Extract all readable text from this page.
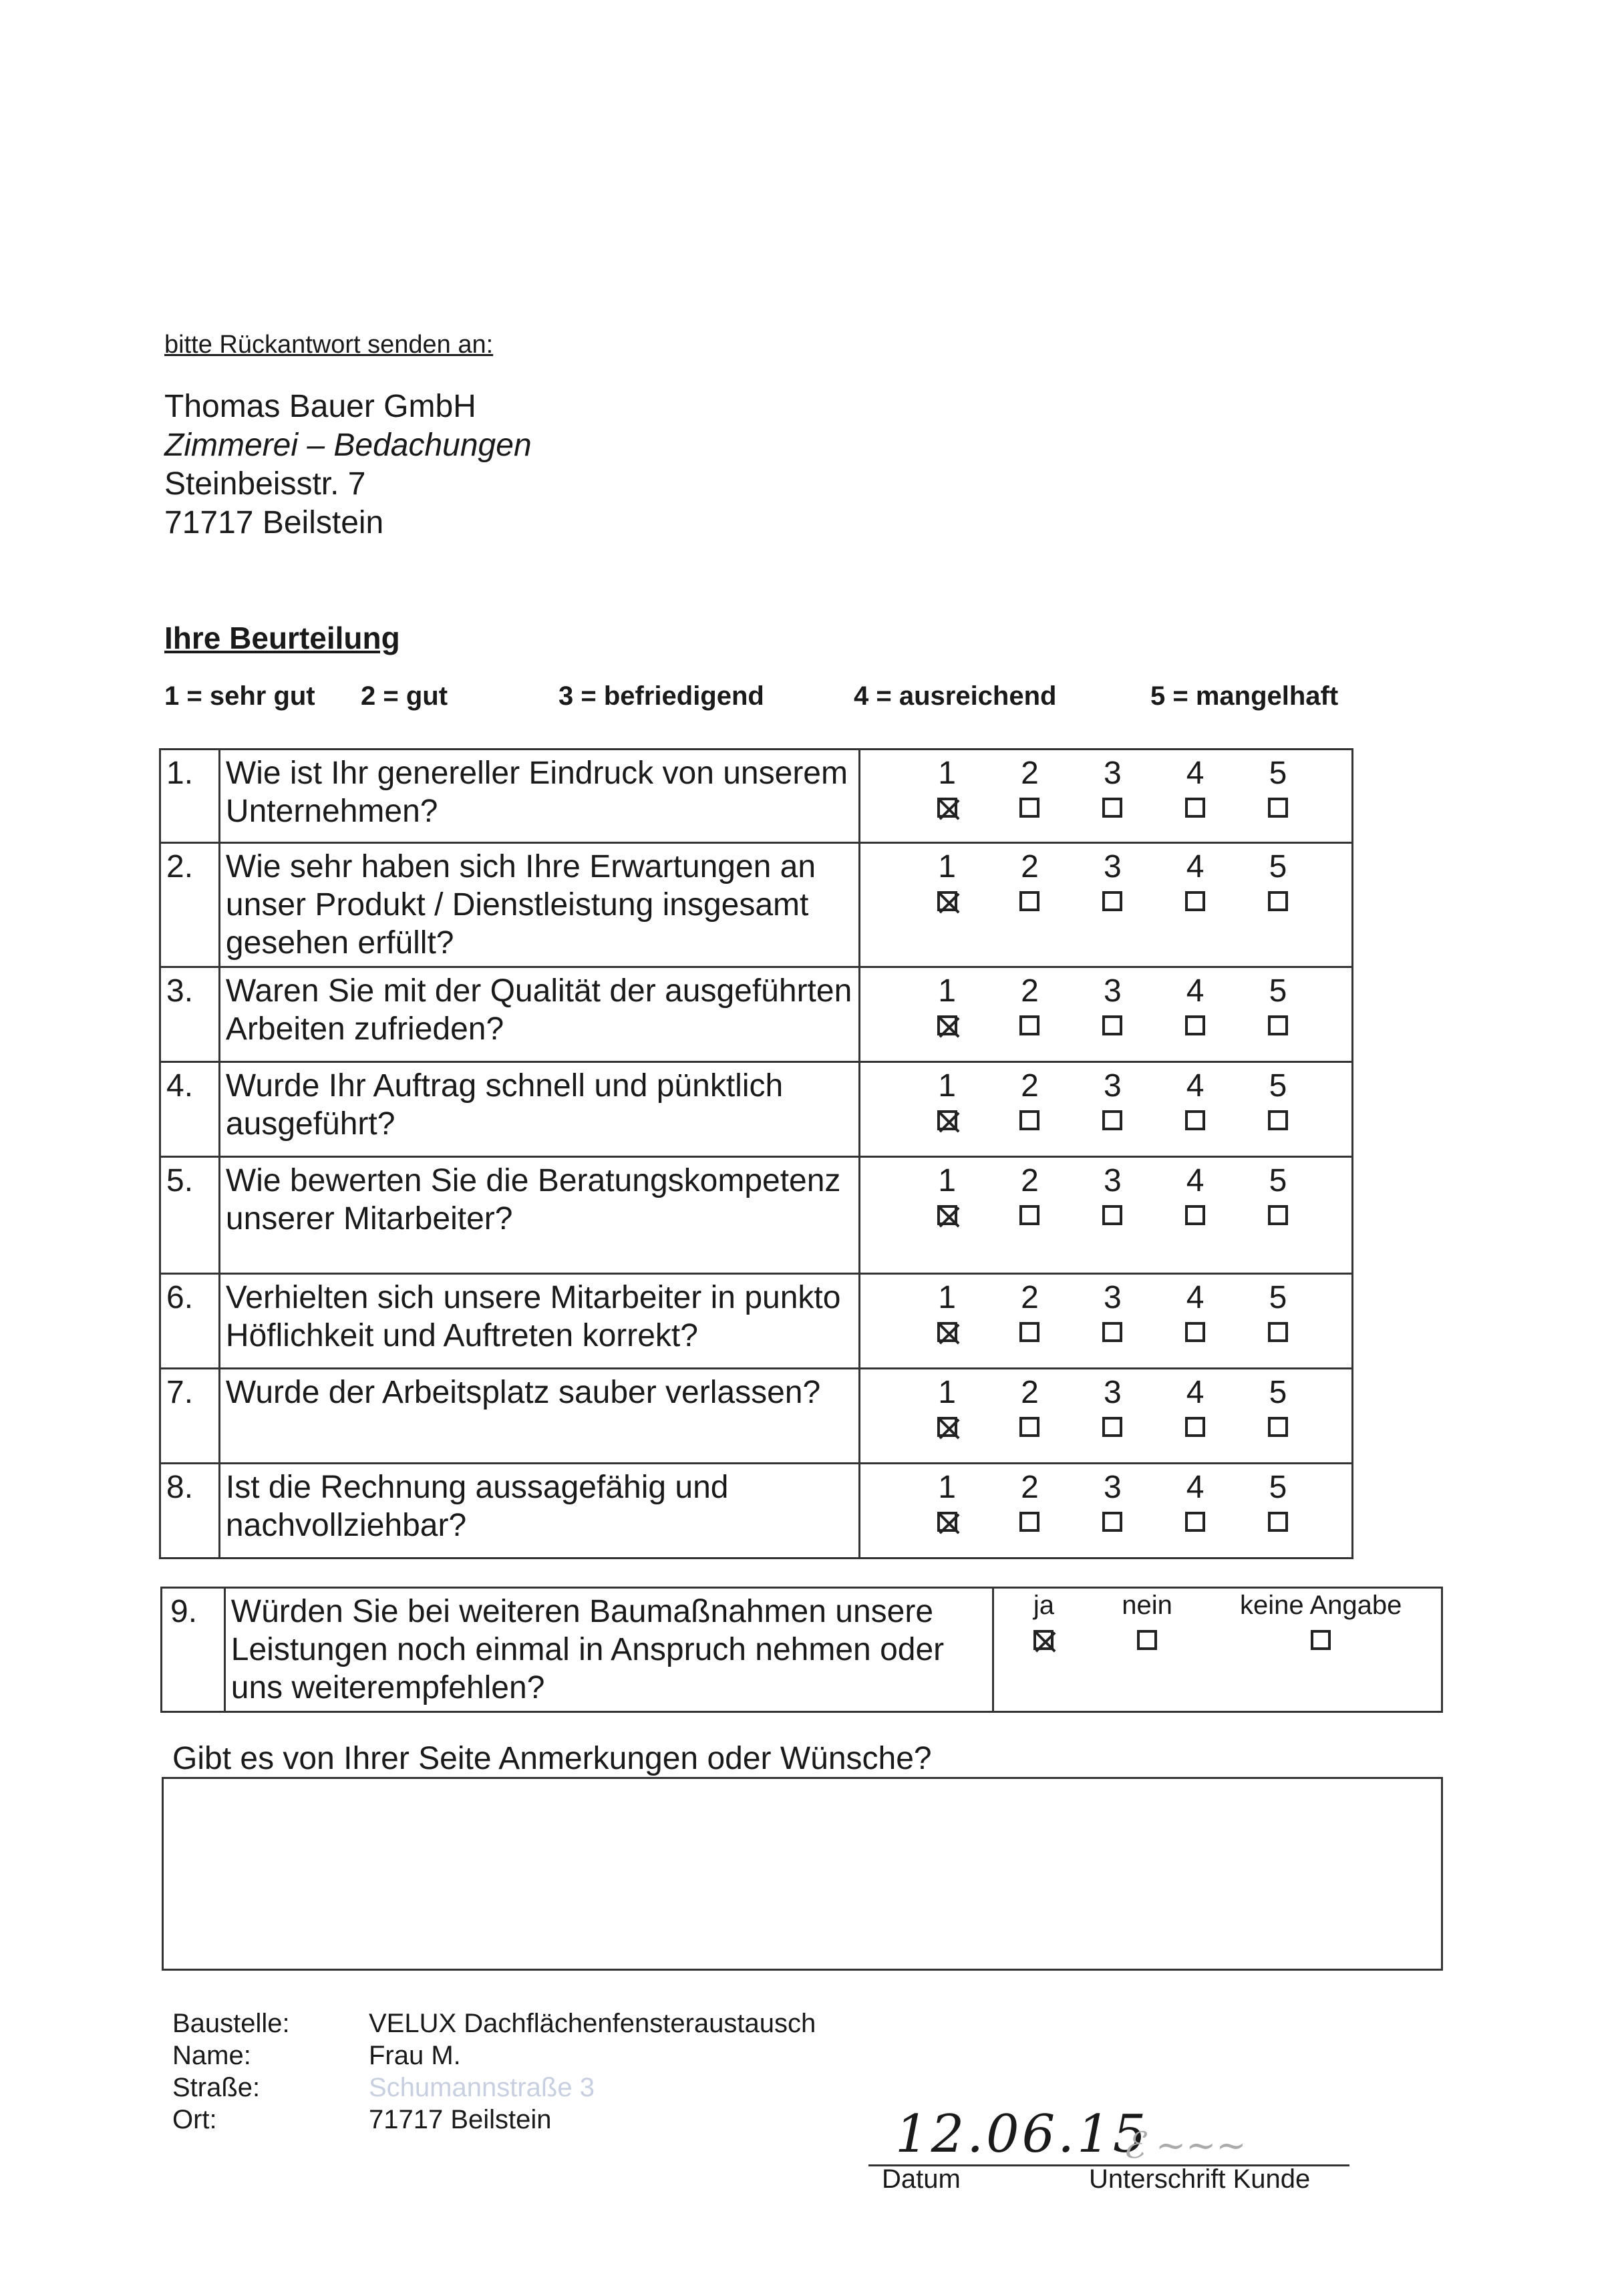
bitte Rückantwort senden an:
Thomas Bauer GmbH
Zimmerei – Bedachungen
Steinbeisstr. 7
71717 Beilstein
Ihre Beurteilung
1 = sehr gut 2 = gut	3 = befriedigend	4 = ausreichend	5 = mangelhaft
1.	Wie ist Ihr genereller Eindruck von unserem Unternehmen?	1 2 3 4 5

2.	Wie sehr haben sich Ihre Erwartungen an unser Produkt / Dienstleistung insgesamt gesehen erfüllt?	1 2 3 4 5

3.	Waren Sie mit der Qualität der ausgeführten Arbeiten zufrieden?	1 2 3 4 5

4.	Wurde Ihr Auftrag schnell und pünktlich ausgeführt?	1 2 3 4 5

5.	Wie bewerten Sie die Beratungskompetenz unserer Mitarbeiter?	1 2 3 4 5

6.	Verhielten sich unsere Mitarbeiter in punkto Höflichkeit und Auftreten korrekt?	1 2 3 4 5

7.	Wurde der Arbeitsplatz sauber verlassen?	1 2 3 4 5

8.	Ist die Rechnung aussagefähig und nachvollziehbar?	1 2 3 4 5
9.	Würden Sie bei weiteren Baumaßnahmen unsere Leistungen noch einmal in Anspruch nehmen oder uns weiterempfehlen?	
ja	nein	keine Angabe
Gibt es von Ihrer Seite Anmerkungen oder Wünsche?
Baustelle:	VELUX Dachflächenfensteraustausch
Name:	Frau M.
Straße:	Schumannstraße 3
Ort:	71717 Beilstein	12.06.15
ℰ ~~~
Datum	Unterschrift Kunde
